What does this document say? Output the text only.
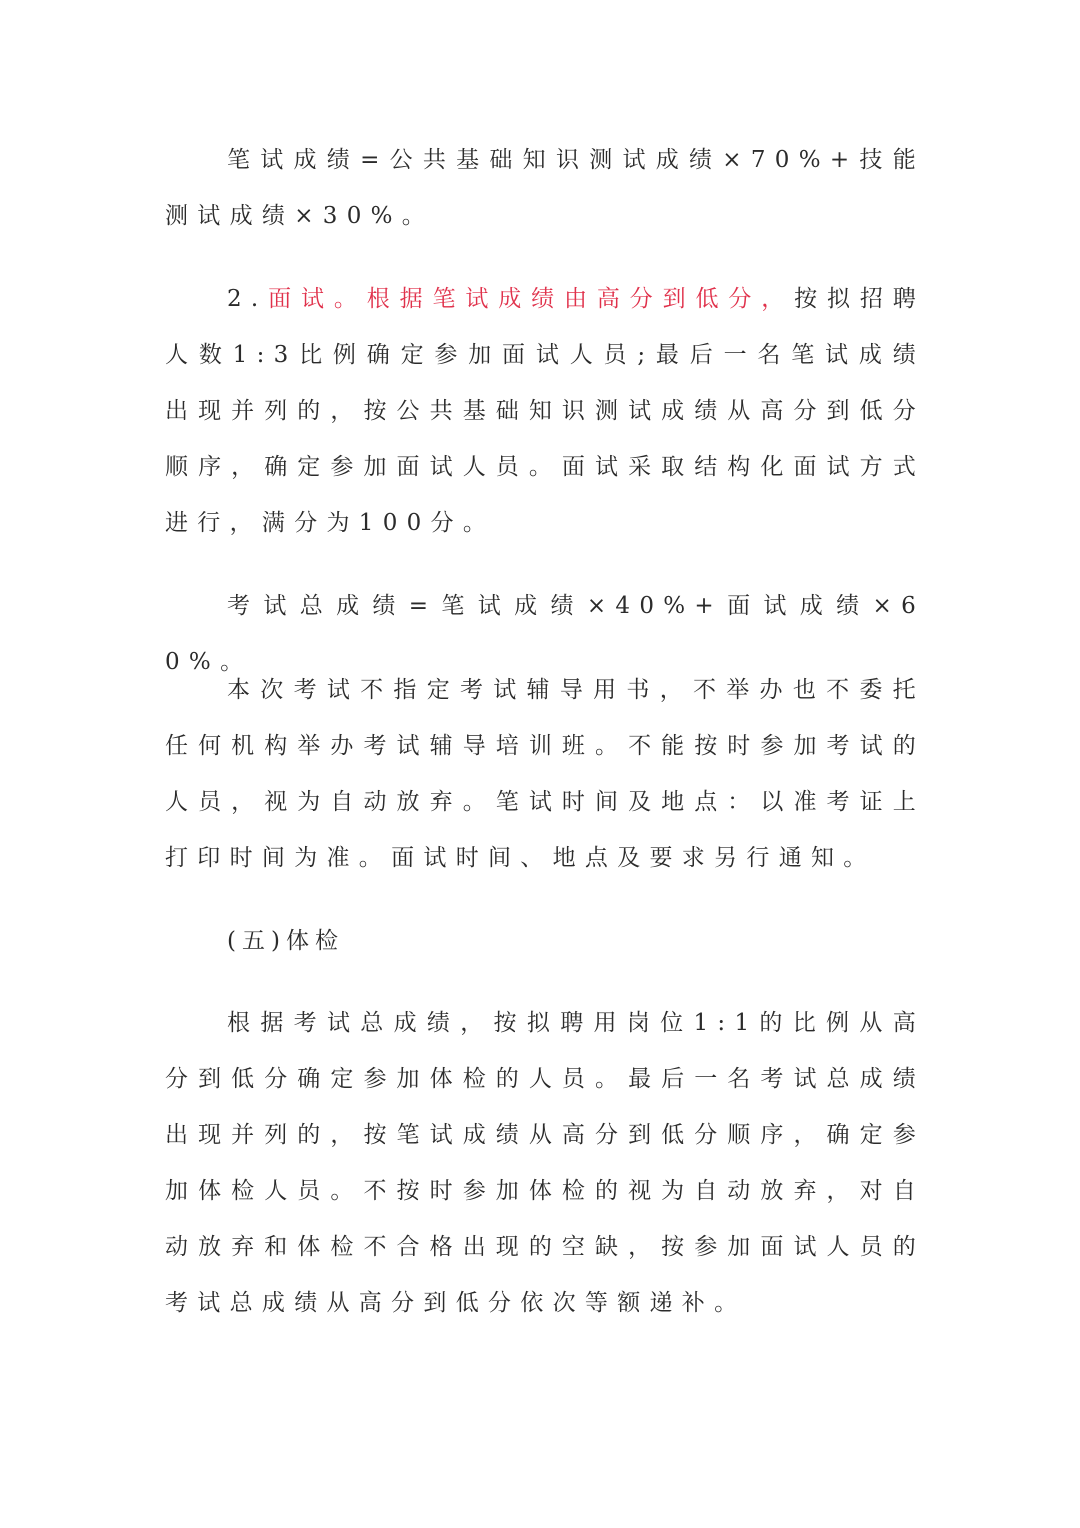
笔试成绩=公共基础知识测试成绩×70%+技能测试成绩×30%。

2.面试。根据笔试成绩由高分到低分，按拟招聘人数1:3比例确定参加面试人员;最后一名笔试成绩出现并列的，按公共基础知识测试成绩从高分到低分顺序，确定参加面试人员。面试采取结构化面试方式进行，满分为100分。

考试总成绩=笔试成绩×40%+面试成绩×60%。

本次考试不指定考试辅导用书，不举办也不委托任何机构举办考试辅导培训班。不能按时参加考试的人员，视为自动放弃。笔试时间及地点：以准考证上打印时间为准。面试时间、地点及要求另行通知。

(五)体检

根据考试总成绩，按拟聘用岗位1:1的比例从高分到低分确定参加体检的人员。最后一名考试总成绩出现并列的，按笔试成绩从高分到低分顺序，确定参加体检人员。不按时参加体检的视为自动放弃，对自动放弃和体检不合格出现的空缺，按参加面试人员的考试总成绩从高分到低分依次等额递补。
